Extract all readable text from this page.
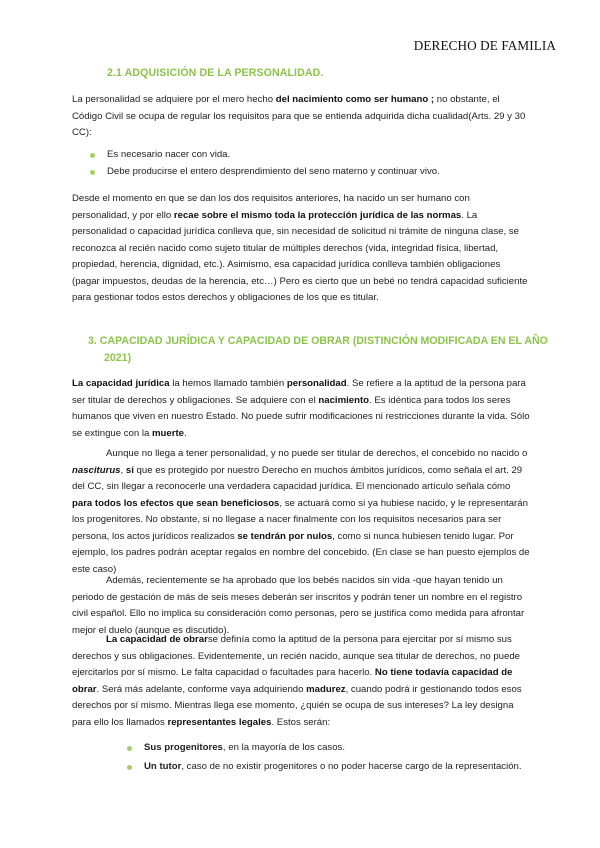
DERECHO DE FAMILIA
2.1 ADQUISICIÓN DE LA PERSONALIDAD.

La personalidad se adquiere por el mero hecho del nacimiento como ser humano ; no obstante, el Código Civil se ocupa de regular los requisitos para que se entienda adquirida dicha cualidad(Arts. 29 y 30 CC):

Es necesario nacer con vida.
Debe producirse el entero desprendimiento del seno materno y continuar vivo.

Desde el momento en que se dan los dos requisitos anteriores, ha nacido un ser humano con personalidad, y por ello recae sobre el mismo toda la protección jurídica de las normas. La personalidad o capacidad jurídica conlleva que, sin necesidad de solicitud ni trámite de ninguna clase, se reconozca al recién nacido como sujeto titular de múltiples derechos (vida, integridad física, libertad, propiedad, herencia, dignidad, etc.). Asimismo, esa capacidad jurídica conlleva también obligaciones (pagar impuestos, deudas de la herencia, etc…) Pero es cierto que un bebé no tendrá capacidad suficiente para gestionar todos estos derechos y obligaciones de los que es titular.

3. CAPACIDAD JURÍDICA Y CAPACIDAD DE OBRAR (DISTINCIÓN MODIFICADA EN EL AÑO 2021)

La capacidad jurídica la hemos llamado también personalidad. Se refiere a la aptitud de la persona para ser titular de derechos y obligaciones. Se adquiere con el nacimiento. Es idéntica para todos los seres humanos que viven en nuestro Estado. No puede sufrir modificaciones ni restricciones durante la vida. Sólo se extingue con la muerte.

Aunque no llega a tener personalidad, y no puede ser titular de derechos, el concebido no nacido o nasciturus, sí que es protegido por nuestro Derecho en muchos ámbitos jurídicos, como señala el art. 29 del CC, sin llegar a reconocerle una verdadera capacidad jurídica. El mencionado artículo señala cómo para todos los efectos que sean beneficiosos, se actuará como si ya hubiese nacido, y le representarán los progenitores. No obstante, si no llegase a nacer finalmente con los requisitos necesarios para ser persona, los actos jurídicos realizados se tendrán por nulos, como si nunca hubiesen tenido lugar. Por ejemplo, los padres podrán aceptar regalos en nombre del concebido. (En clase se han puesto ejemplos de este caso)

Además, recientemente se ha aprobado que los bebés nacidos sin vida -que hayan tenido un periodo de gestación de más de seis meses deberán ser inscritos y podrán tener un nombre en el registro civil español. Ello no implica su consideración como personas, pero se justifica como medida para afrontar mejor el duelo (aunque es discutido).

La capacidad de obrarse definía como la aptitud de la persona para ejercitar por sí mismo sus derechos y sus obligaciones. Evidentemente, un recién nacido, aunque sea titular de derechos, no puede ejercitarlos por sí mismo. Le falta capacidad o facultades para hacerlo. No tiene todavía capacidad de obrar. Será más adelante, conforme vaya adquiriendo madurez, cuando podrá ir gestionando todos esos derechos por sí mismo. Mientras llega ese momento, ¿quién se ocupa de sus intereses? La ley designa para ello los llamados representantes legales. Estos serán:

Sus progenitores, en la mayoría de los casos.
Un tutor, caso de no existir progenitores o no poder hacerse cargo de la representación.
